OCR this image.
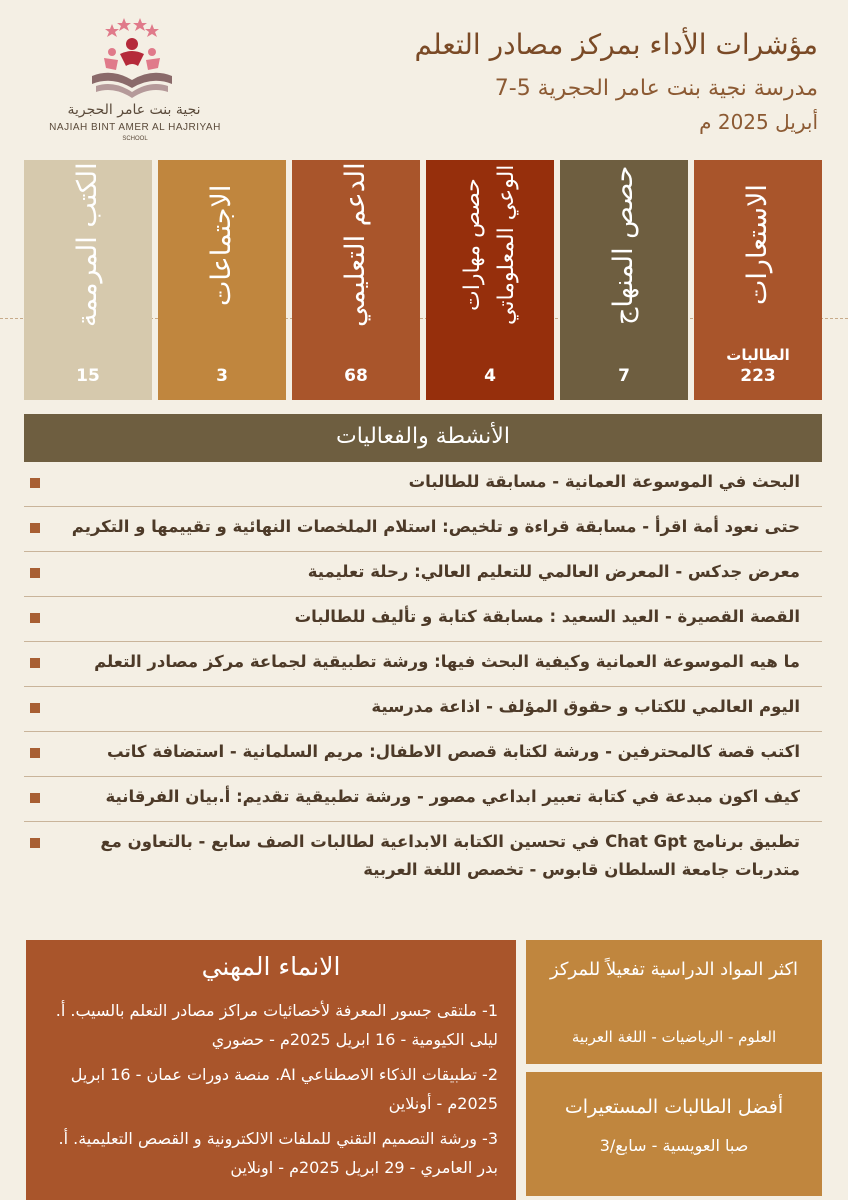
مؤشرات الأداء بمركز مصادر التعلم
مدرسة نجية بنت عامر الحجرية 5-7
أبريل 2025 م
نجية بنت عامر الحجرية
NAJIAH BINT AMER AL HAJRIYAH
SCHOOL
الاستعارات
الطالبات
223
حصص المنهاج
7
حصص مهارات الوعي المعلوماتي
4
الدعم التعليمي
68
الاجتماعات
3
الكتب المرممة
15
الأنشطة والفعاليات
البحث في الموسوعة العمانية - مسابقة للطالبات
حتى نعود أمة اقرأ - مسابقة قراءة و تلخيص: استلام الملخصات النهائية و تقييمها و التكريم
معرض جدكس - المعرض العالمي للتعليم العالي: رحلة تعليمية
القصة القصيرة - العيد السعيد : مسابقة كتابة و تأليف للطالبات
ما هيه الموسوعة العمانية وكيفية البحث فيها: ورشة تطبيقية لجماعة مركز مصادر التعلم
اليوم العالمي للكتاب و حقوق المؤلف - اذاعة مدرسية
اكتب قصة كالمحترفين - ورشة لكتابة قصص الاطفال: مريم السلمانية - استضافة كاتب
كيف اكون مبدعة في كتابة تعبير ابداعي مصور - ورشة تطبيقية تقديم: أ.بيان الفرقانية
تطبيق برنامج Chat Gpt في تحسين الكتابة الابداعية لطالبات الصف سابع - بالتعاون مع متدربات جامعة السلطان قابوس - تخصص اللغة العربية
الانماء المهني
1- ملتقى جسور المعرفة لأخصائيات مراكز مصادر التعلم بالسيب. أ. ليلى الكيومية - 16 ابريل 2025م - حضوري
2- تطبيقات الذكاء الاصطناعي AI. منصة دورات عمان - 16 ابريل 2025م - أونلاين
3- ورشة التصميم التقني للملفات الالكترونية و القصص التعليمية. أ. بدر العامري - 29 ابريل 2025م - اونلاين
اكثر المواد الدراسية تفعيلاً للمركز
العلوم - الرياضيات - اللغة العربية
أفضل الطالبات المستعيرات
صبا العويسية - سابع/3
